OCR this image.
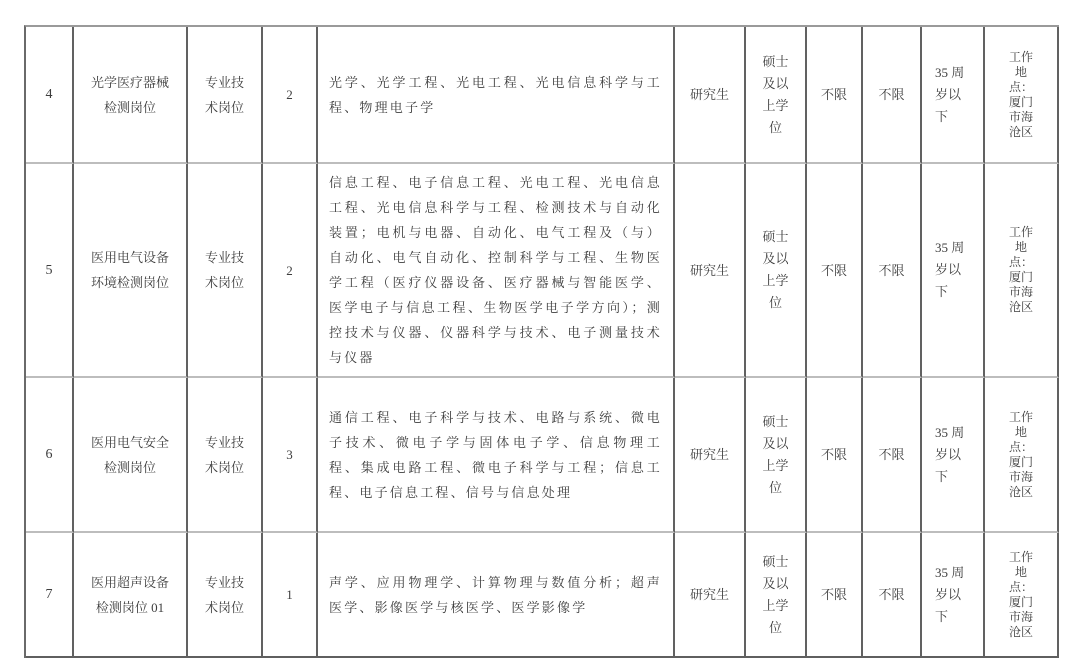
4	光学医疗器械检测岗位	专业技术岗位	2	光学、光学工程、光电工程、光电信息科学与工程、物理电子学	研究生	硕士及以上学位	不限	不限	35 周岁以下	工作地点：厦门市海沧区
5	医用电气设备环境检测岗位	专业技术岗位	2	信息工程、电子信息工程、光电工程、光电信息工程、光电信息科学与工程、检测技术与自动化装置；电机与电器、自动化、电气工程及（与）自动化、电气自动化、控制科学与工程、生物医学工程（医疗仪器设备、医疗器械与智能医学、医学电子与信息工程、生物医学电子学方向）；测控技术与仪器、仪器科学与技术、电子测量技术与仪器	研究生	硕士及以上学位	不限	不限	35 周岁以下	工作地点：厦门市海沧区
6	医用电气安全检测岗位	专业技术岗位	3	通信工程、电子科学与技术、电路与系统、微电子技术、微电子学与固体电子学、信息物理工程、集成电路工程、微电子科学与工程；信息工程、电子信息工程、信号与信息处理	研究生	硕士及以上学位	不限	不限	35 周岁以下	工作地点：厦门市海沧区
7	医用超声设备检测岗位 01	专业技术岗位	1	声学、应用物理学、计算物理与数值分析；超声医学、影像医学与核医学、医学影像学	研究生	硕士及以上学位	不限	不限	35 周岁以下	工作地点：厦门市海沧区
